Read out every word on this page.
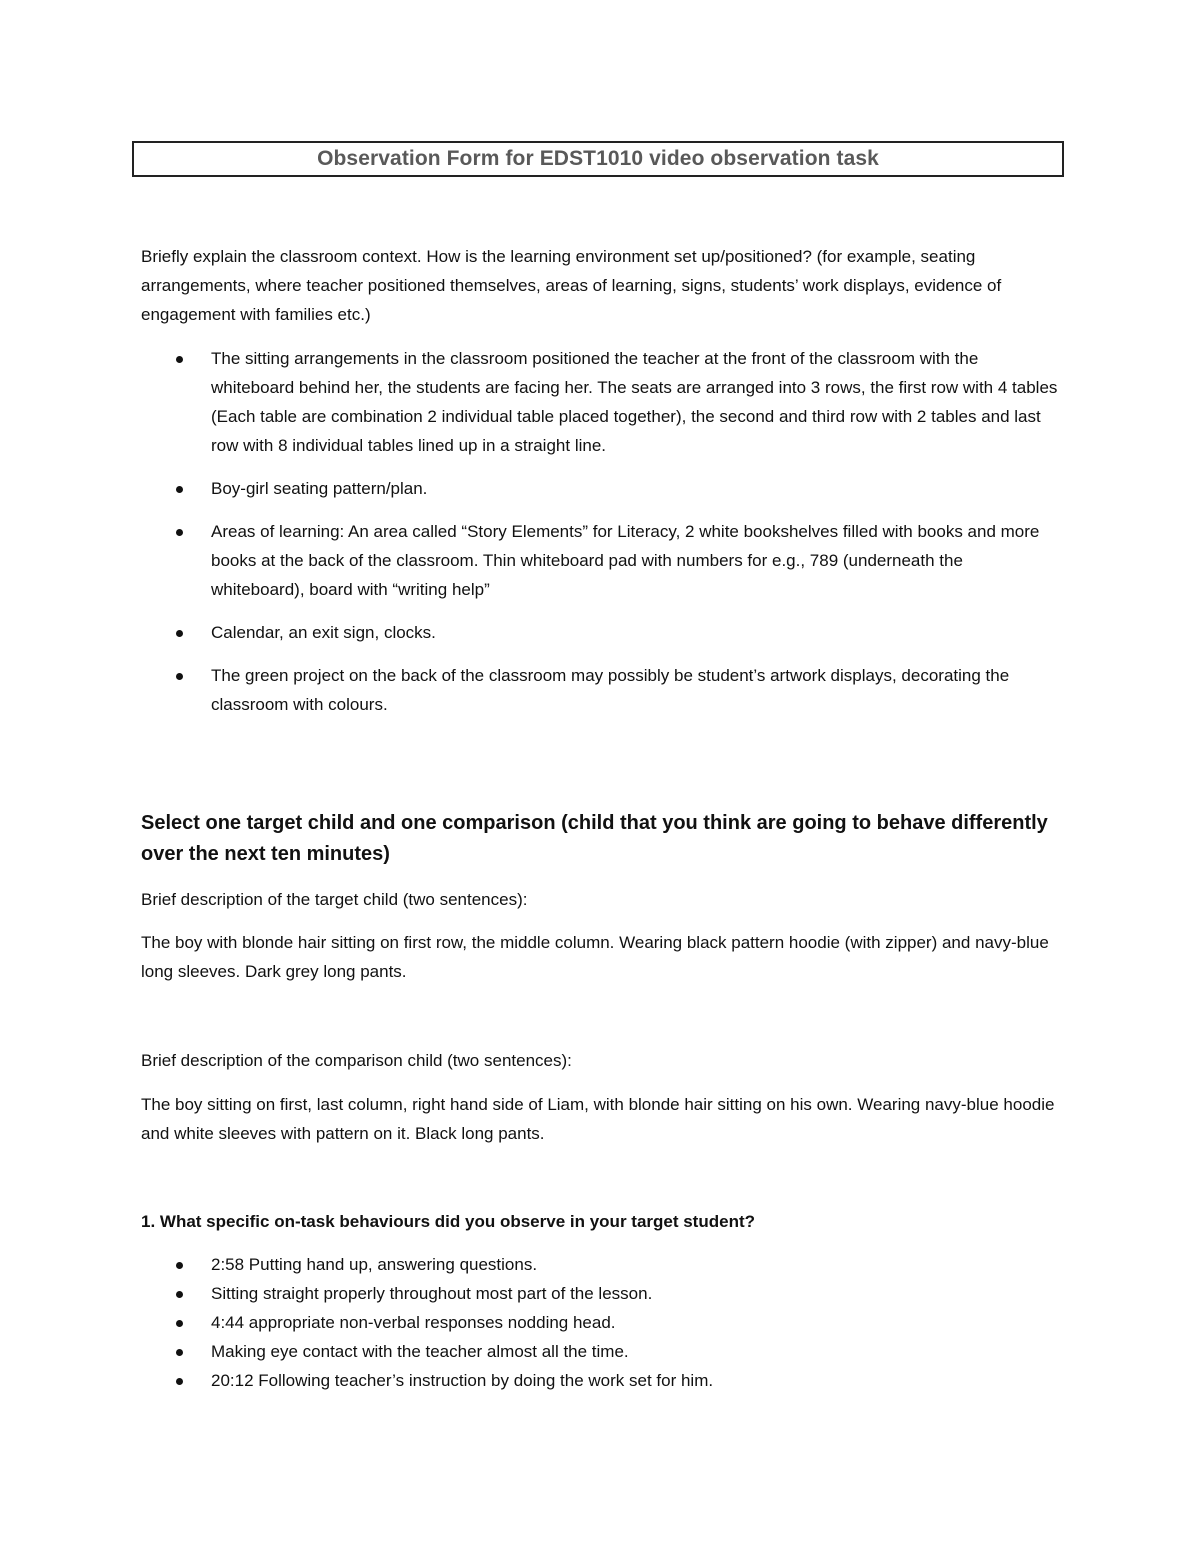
Observation Form for EDST1010 video observation task
Briefly explain the classroom context. How is the learning environment set up/positioned? (for example, seating arrangements, where teacher positioned themselves, areas of learning, signs, students’ work displays, evidence of engagement with families etc.)
The sitting arrangements in the classroom positioned the teacher at the front of the classroom with the whiteboard behind her, the students are facing her. The seats are arranged into 3 rows, the first row with 4 tables (Each table are combination 2 individual table placed together), the second and third row with 2 tables and last row with 8 individual tables lined up in a straight line.
Boy-girl seating pattern/plan.
Areas of learning: An area called “Story Elements” for Literacy, 2 white bookshelves filled with books and more books at the back of the classroom. Thin whiteboard pad with numbers for e.g., 789 (underneath the whiteboard), board with “writing help”
Calendar, an exit sign, clocks.
The green project on the back of the classroom may possibly be student’s artwork displays, decorating the classroom with colours.
Select one target child and one comparison (child that you think are going to behave differently over the next ten minutes)
Brief description of the target child (two sentences):
The boy with blonde hair sitting on first row, the middle column. Wearing black pattern hoodie (with zipper) and navy-blue long sleeves. Dark grey long pants.
Brief description of the comparison child (two sentences):
The boy sitting on first, last column, right hand side of Liam, with blonde hair sitting on his own. Wearing navy-blue hoodie and white sleeves with pattern on it. Black long pants.
1. What specific on-task behaviours did you observe in your target student?
2:58 Putting hand up, answering questions.
Sitting straight properly throughout most part of the lesson.
4:44 appropriate non-verbal responses nodding head.
Making eye contact with the teacher almost all the time.
20:12 Following teacher’s instruction by doing the work set for him.
